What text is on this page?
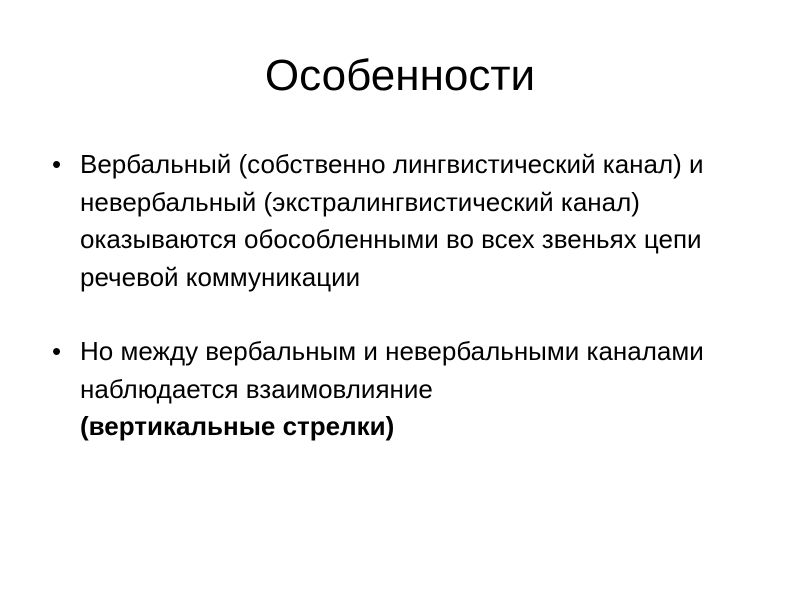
Особенности
• Вербальный (собственно лингвистический канал) и невербальный (экстралингвистический канал) оказываются обособленными во всех звеньях цепи речевой коммуникации
• Но между вербальным и невербальными каналами наблюдается взаимовлияние
(вертикальные стрелки)
